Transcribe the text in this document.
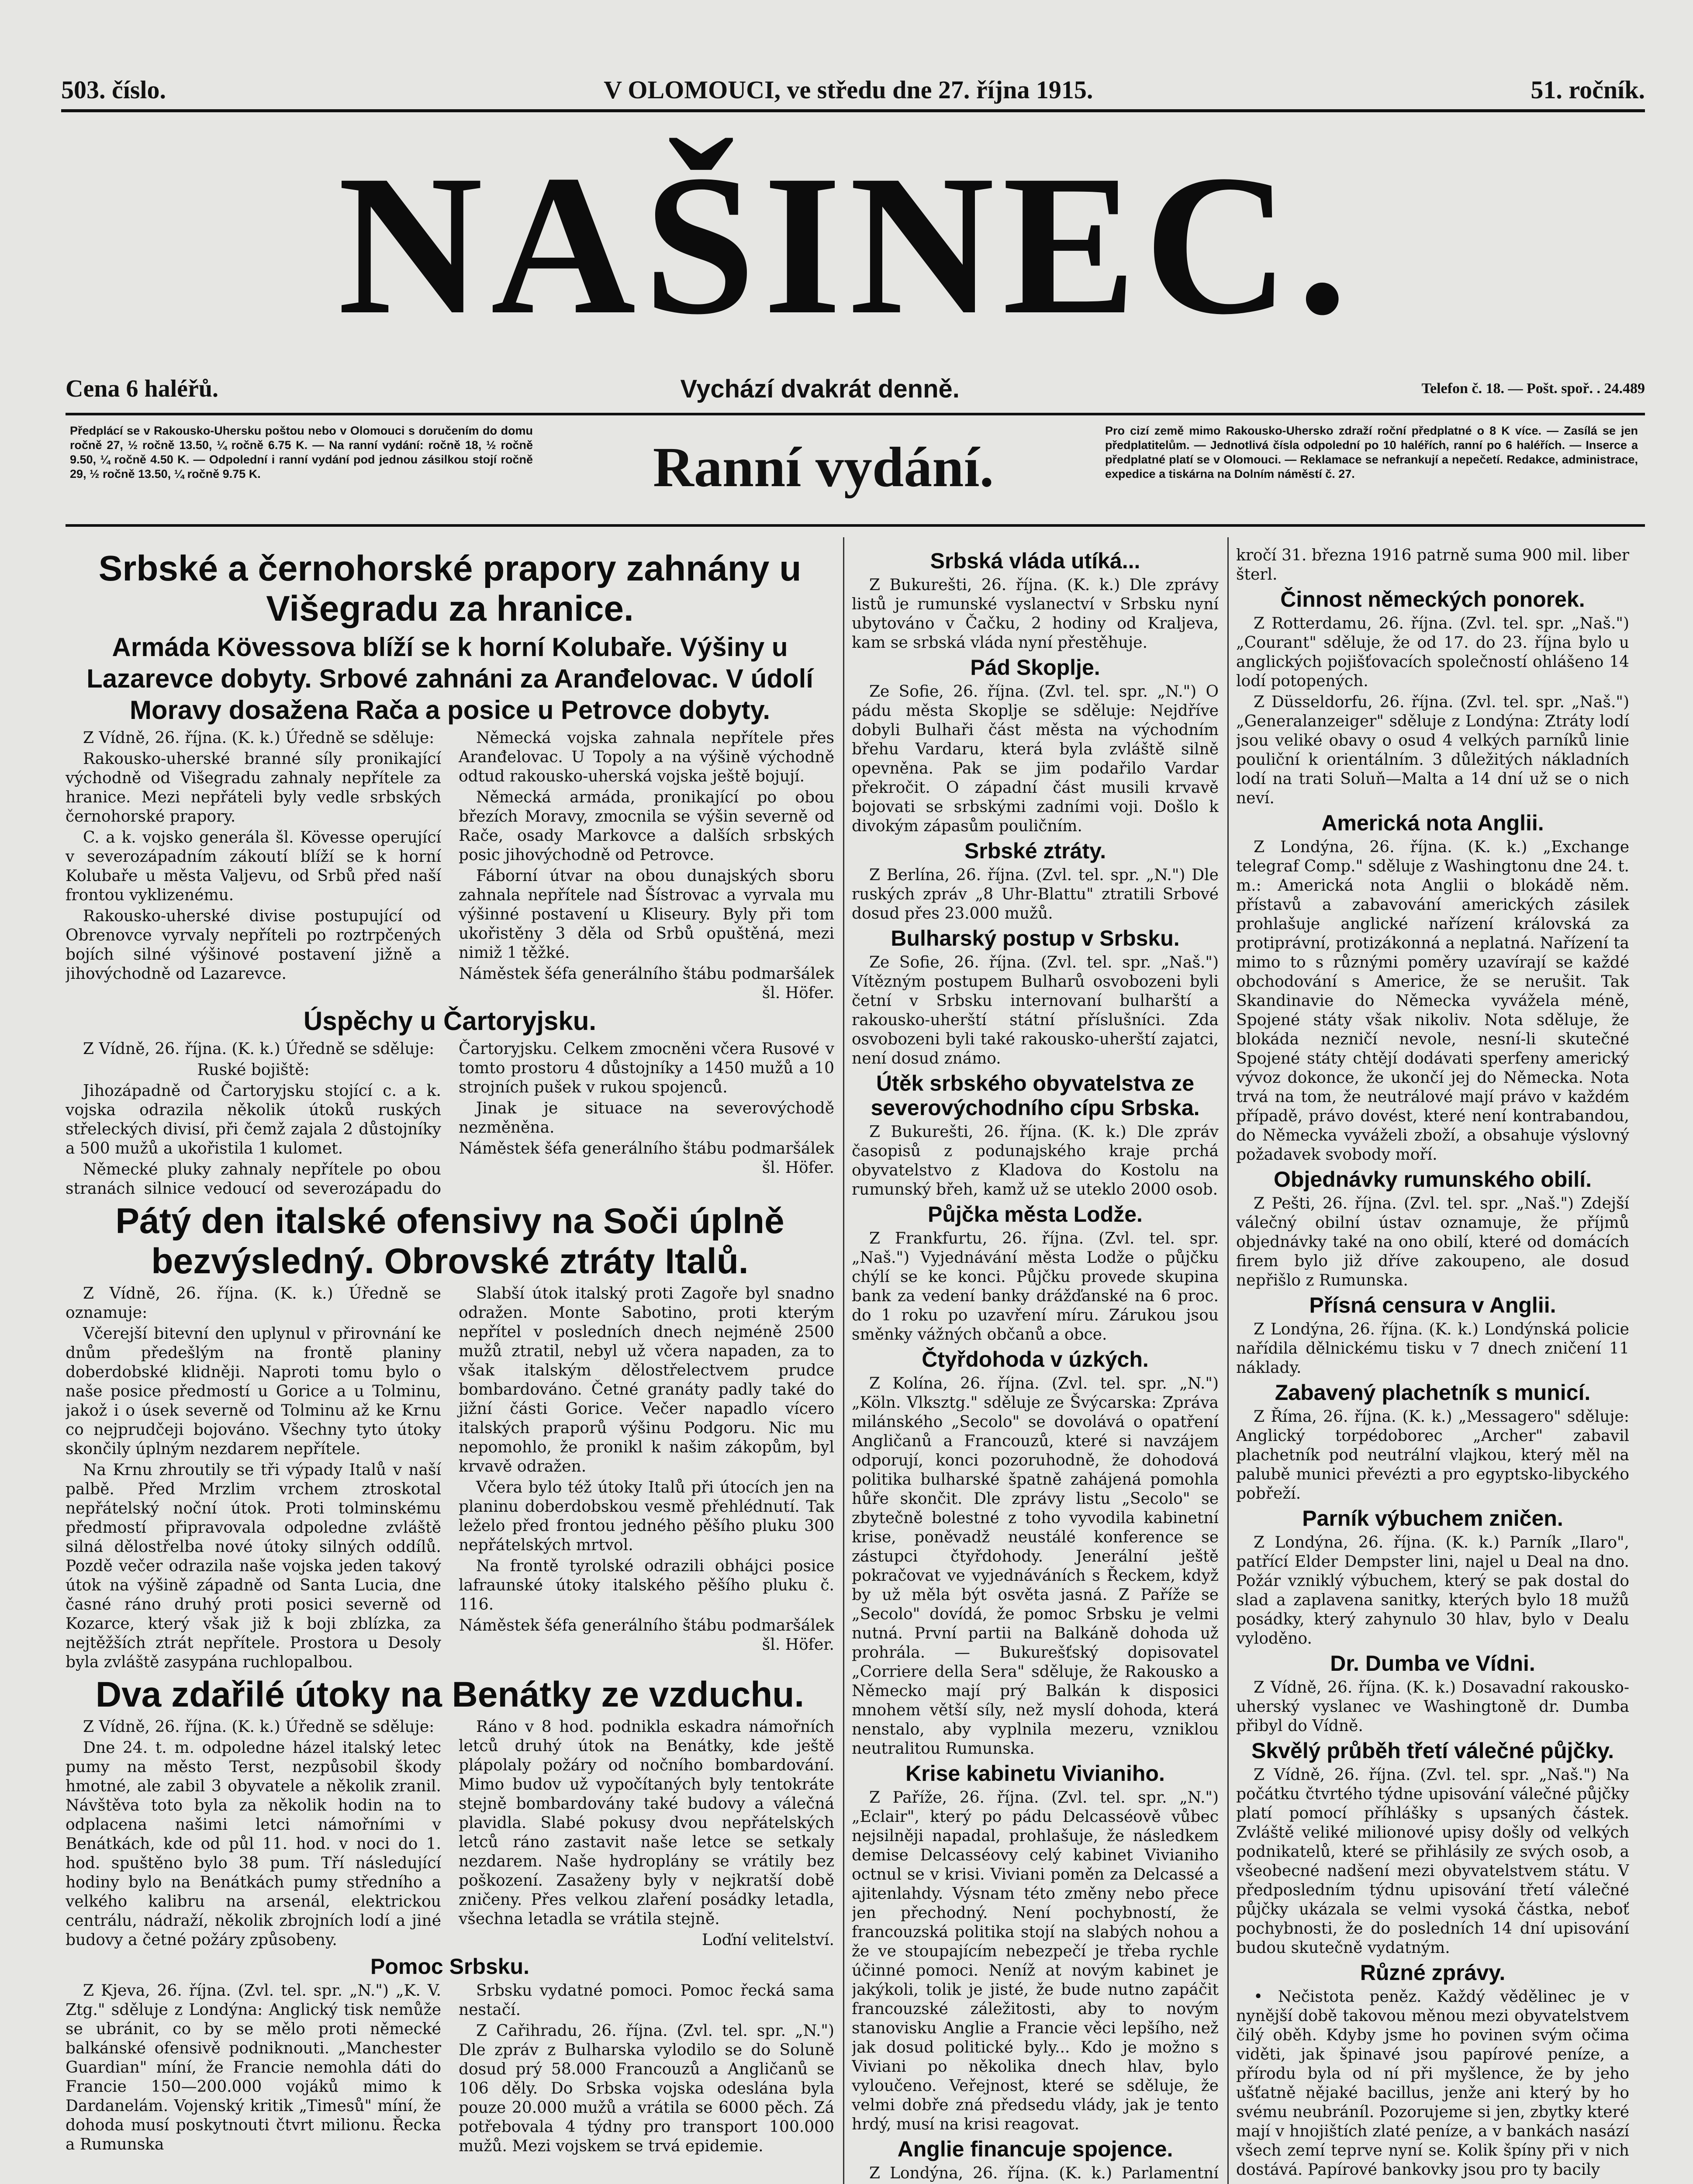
503. číslo.	V OLOMOUCI, ve středu dne 27. října 1915.	51. ročník.
NAŠINEC.
Cena 6 haléřů.	Vychází dvakrát denně.	Telefon č. 18. — Pošt. spoř. . 24.489
Předplácí se v Rakousko-Uhersku poštou nebo v Olomouci s doručením do domu ročně 27, ½ ročně 13.50, ¼ ročně 6.75 K. — Na ranní vydání: ročně 18, ½ ročně 9.50, ¼ ročně 4.50 K. — Odpolední i ranní vydání pod jednou zásilkou stojí ročně 29, ½ ročně 13.50, ¼ ročně 9.75 K.	Ranní vydání.
Pro cizí země mimo Rakousko-Uhersko zdraží roční předplatné o 8 K více. — Zasílá se jen předplatitelům. — Jednotlivá čísla odpolední po 10 haléřích, ranní po 6 haléřích. — Inserce a předplatné platí se v Olomouci. — Reklamace se nefrankují a nepečetí. Redakce, administrace, expedice a tiskárna na Dolním náměstí č. 27.
Srbské a černohorské prapory zahnány u Višegradu za hranice.
Armáda Kövessova blíží se k horní Kolubaře. Výšiny u Lazarevce dobyty. Srbové zahnáni za Aranđelovac. V údolí Moravy dosažena Rača a posice u Petrovce dobyty.

Z Vídně, 26. října. (K. k.) Úředně se sděluje:

Rakousko-uherské branné síly pronikající východně od Višegradu zahnaly nepřítele za hranice. Mezi nepřáteli byly vedle srbských černohorské prapory.

C. a k. vojsko generála šl. Kövesse operující v severozápadním zákoutí blíží se k horní Kolubaře u města Valjevu, od Srbů před naší frontou vyklizenému.

Rakousko-uherské divise postupující od Obrenovce vyrvaly nepříteli po roztrpčených bojích silné výšinové postavení jižně a jihovýchodně od Lazarevce.

Německá vojska zahnala nepřítele přes Aranđelovac. U Topoly a na výšině východně odtud rakousko-uherská vojska ještě bojují.

Německá armáda, pronikající po obou březích Moravy, zmocnila se výšin severně od Rače, osady Markovce a dalších srbských posic jihovýchodně od Petrovce.

Fáborní útvar na obou dunajských sboru zahnala nepřítele nad Šístrovac a vyrvala mu výšinné postavení u Kliseury. Byly při tom ukořistěny 3 děla od Srbů opuštěná, mezi nimiž 1 těžké.

Náměstek šéfa generálního štábu podmaršálek šl. Höfer.

Úspěchy u Čartoryjsku.

Z Vídně, 26. října. (K. k.) Úředně se sděluje:

Ruské bojiště:

Jihozápadně od Čartoryjsku stojící c. a k. vojska odrazila několik útoků ruských střeleckých divisí, při čemž zajala 2 důstojníky a 500 mužů a ukořistila 1 kulomet.

Německé pluky zahnaly nepřítele po obou stranách silnice vedoucí od severozápadu do Čartoryjsku. Celkem zmocněni včera Rusové v tomto prostoru 4 důstojníky a 1450 mužů a 10 strojních pušek v rukou spojenců.

Jinak je situace na severovýchodě nezměněna.

Náměstek šéfa generálního štábu podmaršálek šl. Höfer.

Pátý den italské ofensivy na Soči úplně bezvýsledný. Obrovské ztráty Italů.

Z Vídně, 26. října. (K. k.) Úředně se oznamuje:

Včerejší bitevní den uplynul v přirovnání ke dnům předešlým na frontě planiny doberdobské klidněji. Naproti tomu bylo o naše posice předmostí u Gorice a u Tolminu, jakož i o úsek severně od Tolminu až ke Krnu co nejprudčeji bojováno. Všechny tyto útoky skončily úplným nezdarem nepřítele.

Na Krnu zhroutily se tři výpady Italů v naší palbě. Před Mrzlim vrchem ztroskotal nepřátelský noční útok. Proti tolminskému předmostí připravovala odpoledne zvláště silná dělostřelba nové útoky silných oddílů. Pozdě večer odrazila naše vojska jeden takový útok na výšině západně od Santa Lucia, dne časné ráno druhý proti posici severně od Kozarce, který však již k boji zblízka, za nejtěžších ztrát nepřítele. Prostora u Desoly byla zvláště zasypána ruchlopalbou.

Slabší útok italský proti Zagoře byl snadno odražen. Monte Sabotino, proti kterým nepřítel v posledních dnech nejméně 2500 mužů ztratil, nebyl už včera napaden, za to však italským dělostřelectvem prudce bombardováno. Četné granáty padly také do jižní části Gorice. Večer napadlo vícero italských praporů výšinu Podgoru. Nic mu nepomohlo, že pronikl k našim zákopům, byl krvavě odražen.

Včera bylo též útoky Italů při útocích jen na planinu doberdobskou vesmě přehlédnutí. Tak leželo před frontou jedného pěšího pluku 300 nepřátelských mrtvol.

Na frontě tyrolské odrazili obhájci posice lafraunské útoky italského pěšího pluku č. 116.

Náměstek šéfa generálního štábu podmaršálek šl. Höfer.

Dva zdařilé útoky na Benátky ze vzduchu.

Z Vídně, 26. října. (K. k.) Úředně se sděluje:

Dne 24. t. m. odpoledne házel italský letec pumy na město Terst, nezpůsobil škody hmotné, ale zabil 3 obyvatele a několik zranil. Návštěva toto byla za několik hodin na to odplacena našimi letci námořními v Benátkách, kde od půl 11. hod. v noci do 1. hod. spuštěno bylo 38 pum. Tří následující hodiny bylo na Benátkách pumy středního a velkého kalibru na arsenál, elektrickou centrálu, nádraží, několik zbrojních lodí a jiné budovy a četné požáry způsobeny.

Ráno v 8 hod. podnikla eskadra námořních letců druhý útok na Benátky, kde ještě plápolaly požáry od nočního bombardování. Mimo budov už vypočítaných byly tentokráte stejně bombardovány také budovy a válečná plavidla. Slabé pokusy dvou nepřátelských letců ráno zastavit naše letce se setkaly nezdarem. Naše hydroplány se vrátily bez poškození. Zasaženy byly v nejkratší době zničeny. Přes velkou zlaření posádky letadla, všechna letadla se vrátila stejně.

Loďní velitelství.

Pomoc Srbsku.

Z Kjeva, 26. října. (Zvl. tel. spr. „N.") „K. V. Ztg." sděluje z Londýna: Anglický tisk nemůže se ubránit, co by se mělo proti německé balkánské ofensivě podniknouti. „Manchester Guardian" míní, že Francie nemohla dáti do Francie 150—200.000 vojáků mimo k Dardanelám. Vojenský kritik „Timesů" míní, že dohoda musí poskytnouti čtvrt milionu. Řecka a Rumunska

Srbsku vydatné pomoci. Pomoc řecká sama nestačí.

Z Cařihradu, 26. října. (Zvl. tel. spr. „N.") Dle zpráv z Bulharska vylodilo se do Soluně dosud prý 58.000 Francouzů a Angličanů se 106 děly. Do Srbska vojska odeslána byla pouze 20.000 mužů a vrátila se 6000 pěch. Zá potřebovala 4 týdny pro transport 100.000 mužů. Mezi vojskem se trvá epidemie.

Srbská vláda utíká...

Z Bukurešti, 26. října. (K. k.) Dle zprávy listů je rumunské vyslanectví v Srbsku nyní ubytováno v Čačku, 2 hodiny od Kraljeva, kam se srbská vláda nyní přestěhuje.

Pád Skoplje.

Ze Sofie, 26. října. (Zvl. tel. spr. „N.") O pádu města Skoplje se sděluje: Nejdříve dobyli Bulhaři část města na východním břehu Vardaru, která byla zvláště silně opevněna. Pak se jim podařilo Vardar překročit. O západní část musili krvavě bojovati se srbskými zadními voji. Došlo k divokým zápasům pouličním.

Srbské ztráty.

Z Berlína, 26. října. (Zvl. tel. spr. „N.") Dle ruských zpráv „8 Uhr-Blattu" ztratili Srbové dosud přes 23.000 mužů.

Bulharský postup v Srbsku.

Ze Sofie, 26. října. (Zvl. tel. spr. „Naš.") Vítězným postupem Bulharů osvobozeni byli četní v Srbsku internovaní bulharští a rakousko-uherští státní příslušníci. Zda osvobozeni byli také rakousko-uherští zajatci, není dosud známo.

Útěk srbského obyvatelstva ze severovýchodního cípu Srbska.

Z Bukurešti, 26. října. (K. k.) Dle zpráv časopisů z podunajského kraje prchá obyvatelstvo z Kladova do Kostolu na rumunský břeh, kamž už se uteklo 2000 osob.

Půjčka města Lodže.

Z Frankfurtu, 26. října. (Zvl. tel. spr. „Naš.") Vyjednávání města Lodže o půjčku chýlí se ke konci. Půjčku provede skupina bank za vedení banky drážďanské na 6 proc. do 1 roku po uzavření míru. Zárukou jsou směnky vážných občanů a obce.

Čtyřdohoda v úzkých.

Z Kolína, 26. října. (Zvl. tel. spr. „N.") „Köln. Vlksztg." sděluje ze Švýcarska: Zpráva milánského „Secolo" se dovolává o opatření Angličanů a Francouzů, které si navzájem odporují, konci pozoruhodně, že dohodová politika bulharské špatně zahájená pomohla hůře skončit. Dle zprávy listu „Secolo" se zbytečně bolestné z toho vyvodila kabinetní krise, poněvadž neustálé konference se zástupci čtyřdohody. Jenerální ještě pokračovat ve vyjednáváních s Řeckem, když by už měla být osvěta jasná. Z Paříže se „Secolo" dovídá, že pomoc Srbsku je velmi nutná. První partii na Balkáně dohoda už prohrála. — Bukurešťský dopisovatel „Corriere della Sera" sděluje, že Rakousko a Německo mají prý Balkán k disposici mnohem větší síly, než myslí dohoda, která nenstalo, aby vyplnila mezeru, vzniklou neutralitou Rumunska.

Krise kabinetu Vivianiho.

Z Paříže, 26. října. (Zvl. tel. spr. „N.") „Eclair", který po pádu Delcasséově vůbec nejsilněji napadal, prohlašuje, že následkem demise Delcasséovy celý kabinet Vivianiho octnul se v krisi. Viviani poměn za Delcassé a ajitenlahdy. Výsnam této změny nebo přece jen přechodný. Není pochybností, že francouzská politika stojí na slabých nohou a že ve stoupajícím nebezpečí je třeba rychle účinné pomoci. Neníž at novým kabinet je jakýkoli, tolik je jisté, že bude nutno zapáčit francouzské záležitosti, aby to novým stanovisku Anglie a Francie věci lepšího, než jak dosud politické byly... Kdo je možno s Viviani po několika dnech hlav, bylo vyloučeno. Veřejnost, které se sděluje, že velmi dobře zná předsedu vlády, jak je tento hrdý, musí na krisi reagovat.

Anglie financuje spojence.

Z Londýna, 26. října. (K. k.) Parlamentní

kročí 31. března 1916 patrně suma 900 mil. liber šterl.

Činnost německých ponorek.

Z Rotterdamu, 26. října. (Zvl. tel. spr. „Naš.") „Courant" sděluje, že od 17. do 23. října bylo u anglických pojišťovacích společností ohlášeno 14 lodí potopených.

Z Düsseldorfu, 26. října. (Zvl. tel. spr. „Naš.") „Generalanzeiger" sděluje z Londýna: Ztráty lodí jsou veliké obavy o osud 4 velkých parníků linie pouliční k orientálním. 3 důležitých nákladních lodí na trati Soluň—Malta a 14 dní už se o nich neví.

Americká nota Anglii.

Z Londýna, 26. října. (K. k.) „Exchange telegraf Comp." sděluje z Washingtonu dne 24. t. m.: Americká nota Anglii o blokádě něm. přístavů a zabavování amerických zásilek prohlašuje anglické nařízení královská za protiprávní, protizákonná a neplatná. Nařízení ta mimo to s různými poměry uzavírají se každé obchodování s Americe, že se nerušit. Tak Skandinavie do Německa vyvážela méně, Spojené státy však nikoliv. Nota sděluje, že blokáda nezničí nevole, nesní-li skutečné Spojené státy chtějí dodávati sperfeny americký vývoz dokonce, že ukončí jej do Německa. Nota trvá na tom, že neutrálové mají právo v každém případě, právo dovést, které není kontrabandou, do Německa vyváželi zboží, a obsahuje výslovný požadavek svobody moří.

Objednávky rumunského obilí.

Z Pešti, 26. října. (Zvl. tel. spr. „Naš.") Zdejší válečný obilní ústav oznamuje, že příjmů objednávky také na ono obilí, které od domácích firem bylo již dříve zakoupeno, ale dosud nepřišlo z Rumunska.

Přísná censura v Anglii.

Z Londýna, 26. října. (K. k.) Londýnská policie nařídila dělnickému tisku v 7 dnech zničení 11 náklady.

Zabavený plachetník s municí.

Z Říma, 26. října. (K. k.) „Messagero" sděluje: Anglický torpédoborec „Archer" zabavil plachetník pod neutrální vlajkou, který měl na palubě munici převézti a pro egyptsko-libyckého pobřeží.

Parník výbuchem zničen.

Z Londýna, 26. října. (K. k.) Parník „Ilaro", patřící Elder Dempster lini, najel u Deal na dno. Požár vzniklý výbuchem, který se pak dostal do slad a zaplavena sanitky, kterých bylo 18 mužů posádky, který zahynulo 30 hlav, bylo v Dealu vyloděno.

Dr. Dumba ve Vídni.

Z Vídně, 26. října. (K. k.) Dosavadní rakousko-uherský vyslanec ve Washingtoně dr. Dumba přibyl do Vídně.

Skvělý průběh třetí válečné půjčky.

Z Vídně, 26. října. (Zvl. tel. spr. „Naš.") Na počátku čtvrtého týdne upisování válečné půjčky platí pomocí příhlášky s upsaných částek. Zvláště veliké milionové upisy došly od velkých podnikatelů, které se přihlásily ze svých osob, a všeobecné nadšení mezi obyvatelstvem státu. V předposledním týdnu upisování třetí válečné půjčky ukázala se velmi vysoká částka, neboť pochybnosti, že do posledních 14 dní upisování budou skutečně vydatným.

Různé zprávy.

• Nečistota peněz. Každý vědělinec je v nynější době takovou měnou mezi obyvatelstvem čilý oběh. Kdyby jsme ho povinen svým očima viděti, jak špinavé jsou papírové peníze, a přírodu byla od ní při myšlence, že by jeho ušťatně nějaké bacillus, jenže ani který by ho svému neubráníl. Pozorujeme si jen, zbytky které mají v hnojištích zlaté peníze, a v bankách nasází všech zemí teprve nyní se. Kolik špíny při v nich dostává. Papírové bankovky jsou pro ty bacily
